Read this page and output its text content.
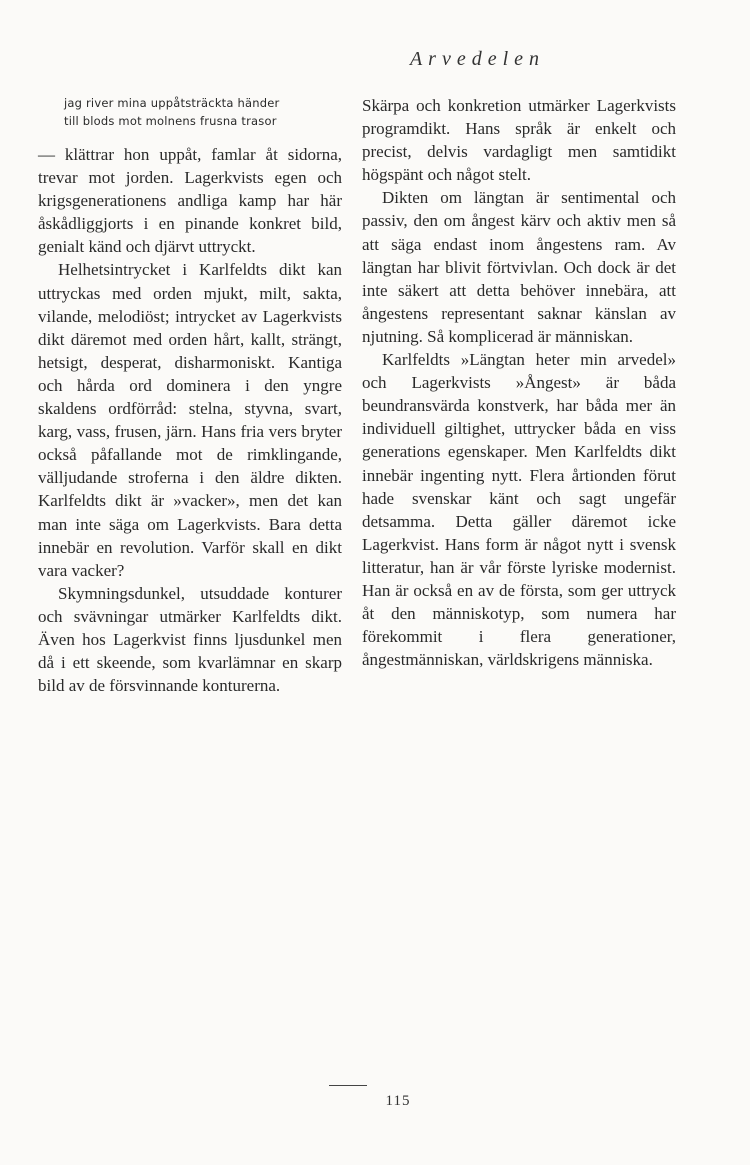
Arvedelen
jag river mina uppåtsträckta händer
till blods mot molnens frusna trasor

— klättrar hon uppåt, famlar åt sidorna, trevar mot jorden. Lagerkvists egen och krigsgenerationens andliga kamp har här åskådliggjorts i en pinande konkret bild, genialt känd och djärvt uttryckt.

Helhetsintrycket i Karlfeldts dikt kan uttryckas med orden mjukt, milt, sakta, vilande, melodiöst; intrycket av Lagerkvists dikt däremot med orden hårt, kallt, strängt, hetsigt, desperat, disharmoniskt. Kantiga och hårda ord dominera i den yngre skaldens ordförråd: stelna, styvna, svart, karg, vass, frusen, järn. Hans fria vers bryter också påfallande mot de rimklingande, välljudande stroferna i den äldre dikten. Karlfeldts dikt är »vacker», men det kan man inte säga om Lagerkvists. Bara detta innebär en revolution. Varför skall en dikt vara vacker?

Skymningsdunkel, utsuddade konturer och svävningar utmärker Karlfeldts dikt. Även hos Lagerkvist finns ljusdunkel men då i ett skeende, som kvarlämnar en skarp bild av de försvinnande konturerna.

Skärpa och konkretion utmärker Lagerkvists programdikt. Hans språk är enkelt och precist, delvis vardagligt men samtidikt högspänt och något stelt.

Dikten om längtan är sentimental och passiv, den om ångest kärv och aktiv men så att säga endast inom ångestens ram. Av längtan har blivit förtvivlan. Och dock är det inte säkert att detta behöver innebära, att ångestens representant saknar känslan av njutning. Så komplicerad är människan.

Karlfeldts »Längtan heter min arvedel» och Lagerkvists »Ångest» är båda beundransvärda konstverk, har båda mer än individuell giltighet, uttrycker båda en viss generations egenskaper. Men Karlfeldts dikt innebär ingenting nytt. Flera årtionden förut hade svenskar känt och sagt ungefär detsamma. Detta gäller däremot icke Lagerkvist. Hans form är något nytt i svensk litteratur, han är vår förste lyriske modernist. Han är också en av de första, som ger uttryck åt den människotyp, som numera har förekommit i flera generationer, ångestmänniskan, världskrigens människa.

115
